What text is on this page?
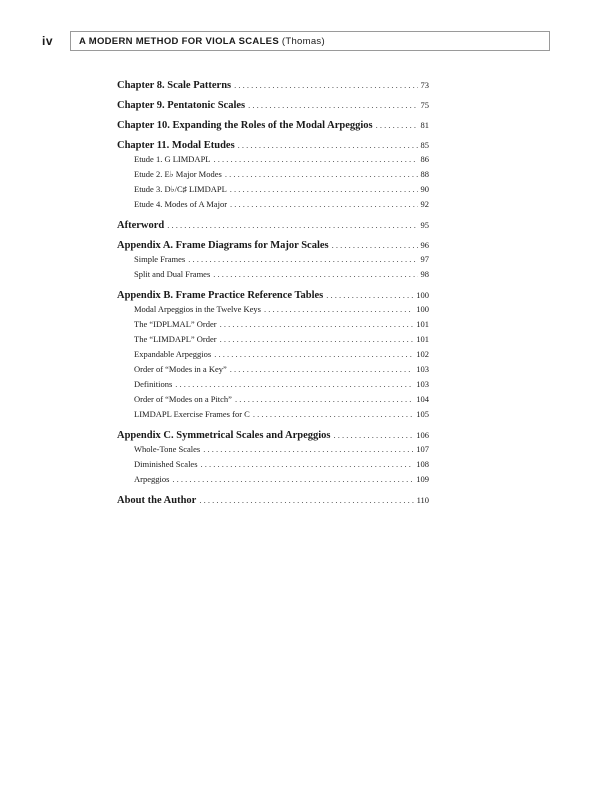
iv	A MODERN METHOD FOR VIOLA SCALES (Thomas)
Chapter 8. Scale Patterns . . .	73
Chapter 9. Pentatonic Scales . . .	75
Chapter 10. Expanding the Roles of the Modal Arpeggios . . .	81
Chapter 11. Modal Etudes . . .	85
Etude 1. G LIMDAPL . . .	86
Etude 2. E♭ Major Modes . . .	88
Etude 3. D♭/C♯ LIMDAPL . . .	90
Etude 4. Modes of A Major . . .	92
Afterword . . .	95
Appendix A. Frame Diagrams for Major Scales . . .	96
Simple Frames . . .	97
Split and Dual Frames . . .	98
Appendix B. Frame Practice Reference Tables . . .	100
Modal Arpeggios in the Twelve Keys . . .	100
The “IDPLMAL” Order . . .	101
The “LIMDAPL” Order . . .	101
Expandable Arpeggios . . .	102
Order of “Modes in a Key” . . .	103
Definitions . . .	103
Order of “Modes on a Pitch” . . .	104
LIMDAPL Exercise Frames for C . . .	105
Appendix C. Symmetrical Scales and Arpeggios . . .	106
Whole-Tone Scales . . .	107
Diminished Scales . . .	108
Arpeggios . . .	109
About the Author . . .	110
